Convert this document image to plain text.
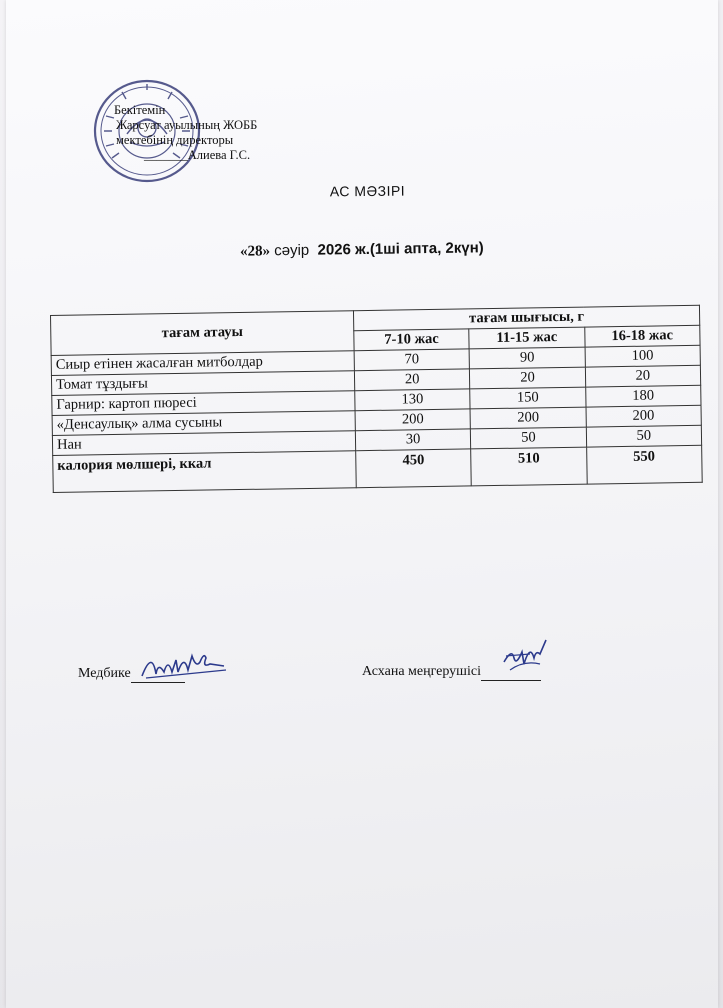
Бекітемін
Жарсуат ауылының ЖОББ
мектебінің директоры
_______Алиева Г.С.
АС МӘЗІРІ
«28» сәуір 2026 ж.(1ші апта, 2күн)
тағам атауы	тағам шығысы, г		
	7-10 жас	11-15 жас	16-18 жас
Сиыр етінен жасалған митболдар	70	90	100
Томат тұздығы	20	20	20
Гарнир: картоп пюресі	130	150	180
«Денсаулық» алма сусыны	200	200	200
Нан	30	50	50
калория мөлшері, ккал	450	510	550
Медбике	Асхана меңгерушісі
